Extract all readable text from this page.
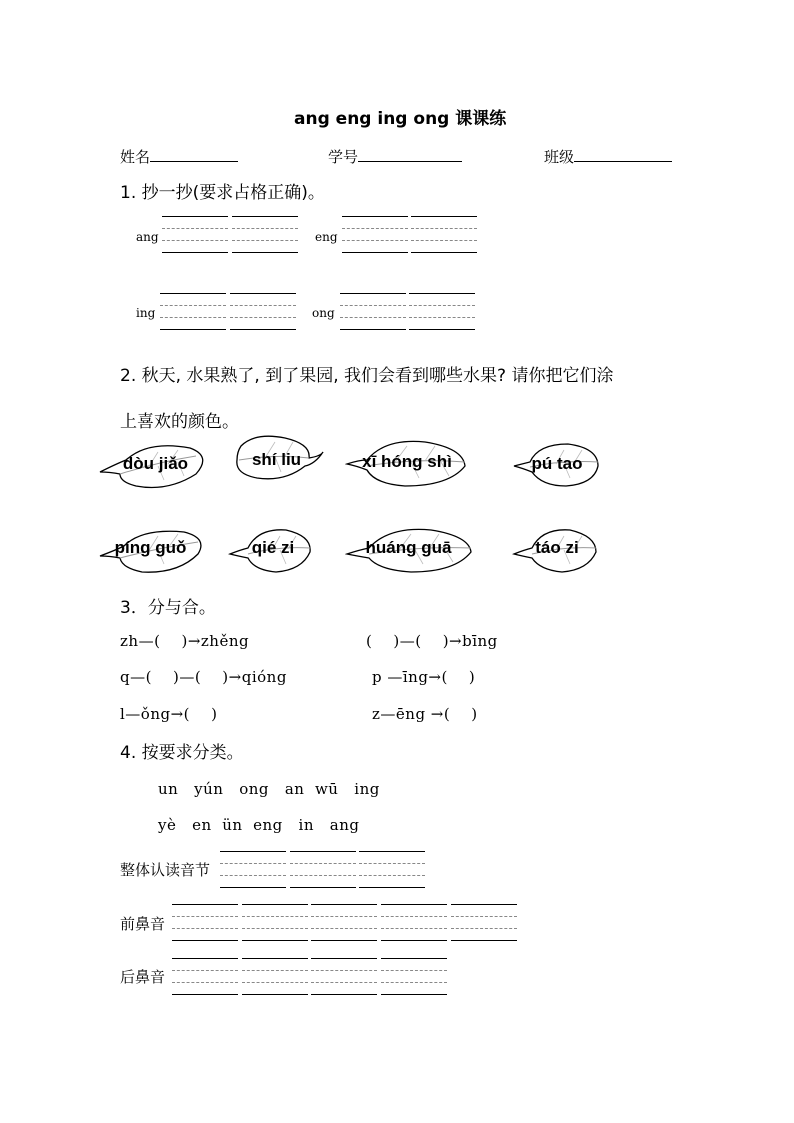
ang eng ing ong 课课练
姓名	学号	班级
1. 抄一抄(要求占格正确)。
ang	eng
ing	ong
2. 秋天, 水果熟了, 到了果园, 我们会看到哪些水果? 请你把它们涂
上喜欢的颜色。
dòu jiǎo	shí liu	xī hóng shì	pú tao
píng guǒ	qié zi	huáng guā	táo zi
3．分与合。
zh—(    )→zhěng	(    )—(    )→bīng
q—(    )—(    )→qióng	p —īng→(    )
l—ǒng→(    )	z—ēng →(    )
4. 按要求分类。
un   yún   ong   an  wū   ing
yè   en  ün  eng   in   ang
整体认读音节
前鼻音
后鼻音
